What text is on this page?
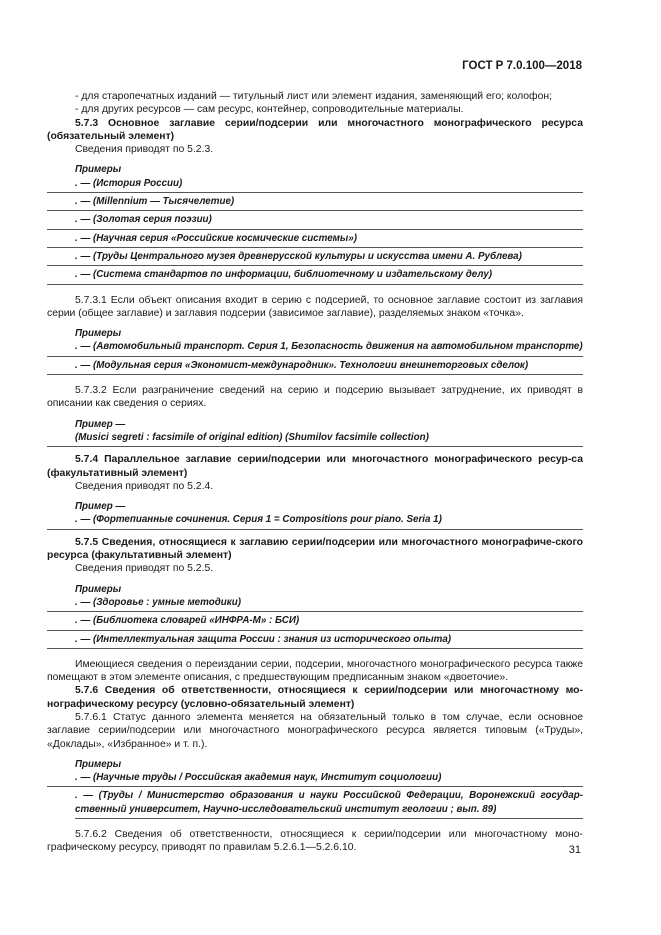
ГОСТ Р 7.0.100—2018

- для старопечатных изданий — титульный лист или элемент издания, заменяющий его; колофон;

- для других ресурсов — сам ресурс, контейнер, сопроводительные материалы.

5.7.3 Основное заглавие серии/подсерии или многочастного монографического ресурса (обязательный элемент)

Сведения приводят по 5.2.3.

Примеры

. — (История России)

. — (Millennium — Тысячелетие)

. — (Золотая серия поэзии)

. — (Научная серия «Российские космические системы»)

. — (Труды Центрального музея древнерусской культуры и искусства имени А. Рублева)

. — (Система стандартов по информации, библиотечному и издательскому делу)

5.7.3.1 Если объект описания входит в серию с подсерией, то основное заглавие состоит из заглавия серии (общее заглавие) и заглавия подсерии (зависимое заглавие), разделяемых знаком «точка».

Примеры

. — (Автомобильный транспорт. Серия 1, Безопасность движения на автомобильном транспорте)

. — (Модульная серия «Экономист-международник». Технологии внешнеторговых сделок)

5.7.3.2 Если разграничение сведений на серию и подсерию вызывает затруднение, их приводят в описании как сведения о сериях.

Пример —

(Musici segreti : facsimile of original edition) (Shumilov facsimile collection)

5.7.4 Параллельное заглавие серии/подсерии или многочастного монографического ресур-са (факультативный элемент)

Сведения приводят по 5.2.4.

Пример —

. — (Фортепианные сочинения. Серия 1 = Compositions pour piano. Seria 1)

5.7.5 Сведения, относящиеся к заглавию серии/подсерии или многочастного монографиче-ского ресурса (факультативный элемент)

Сведения приводят по 5.2.5.

Примеры

. — (Здоровье : умные методики)

. — (Библиотека словарей «ИНФРА-М» : БСИ)

. — (Интеллектуальная защита России : знания из исторического опыта)

Имеющиеся сведения о переиздании серии, подсерии, многочастного монографического ресурса также помещают в этом элементе описания, с предшествующим предписанным знаком «двоеточие».

5.7.6 Сведения об ответственности, относящиеся к серии/подсерии или многочастному мо-нографическому ресурсу (условно-обязательный элемент)

5.7.6.1 Статус данного элемента меняется на обязательный только в том случае, если основное заглавие серии/подсерии или многочастного монографического ресурса является типовым («Труды», «Доклады», «Избранное» и т. п.).

Примеры

. — (Научные труды / Российская академия наук, Институт социологии)

. — (Труды / Министерство образования и науки Российской Федерации, Воронежский государ-ственный университет, Научно-исследовательский институт геологии ; вып. 89)

5.7.6.2 Сведения об ответственности, относящиеся к серии/подсерии или многочастному моно-графическому ресурсу, приводят по правилам 5.2.6.1—5.2.6.10.	31
